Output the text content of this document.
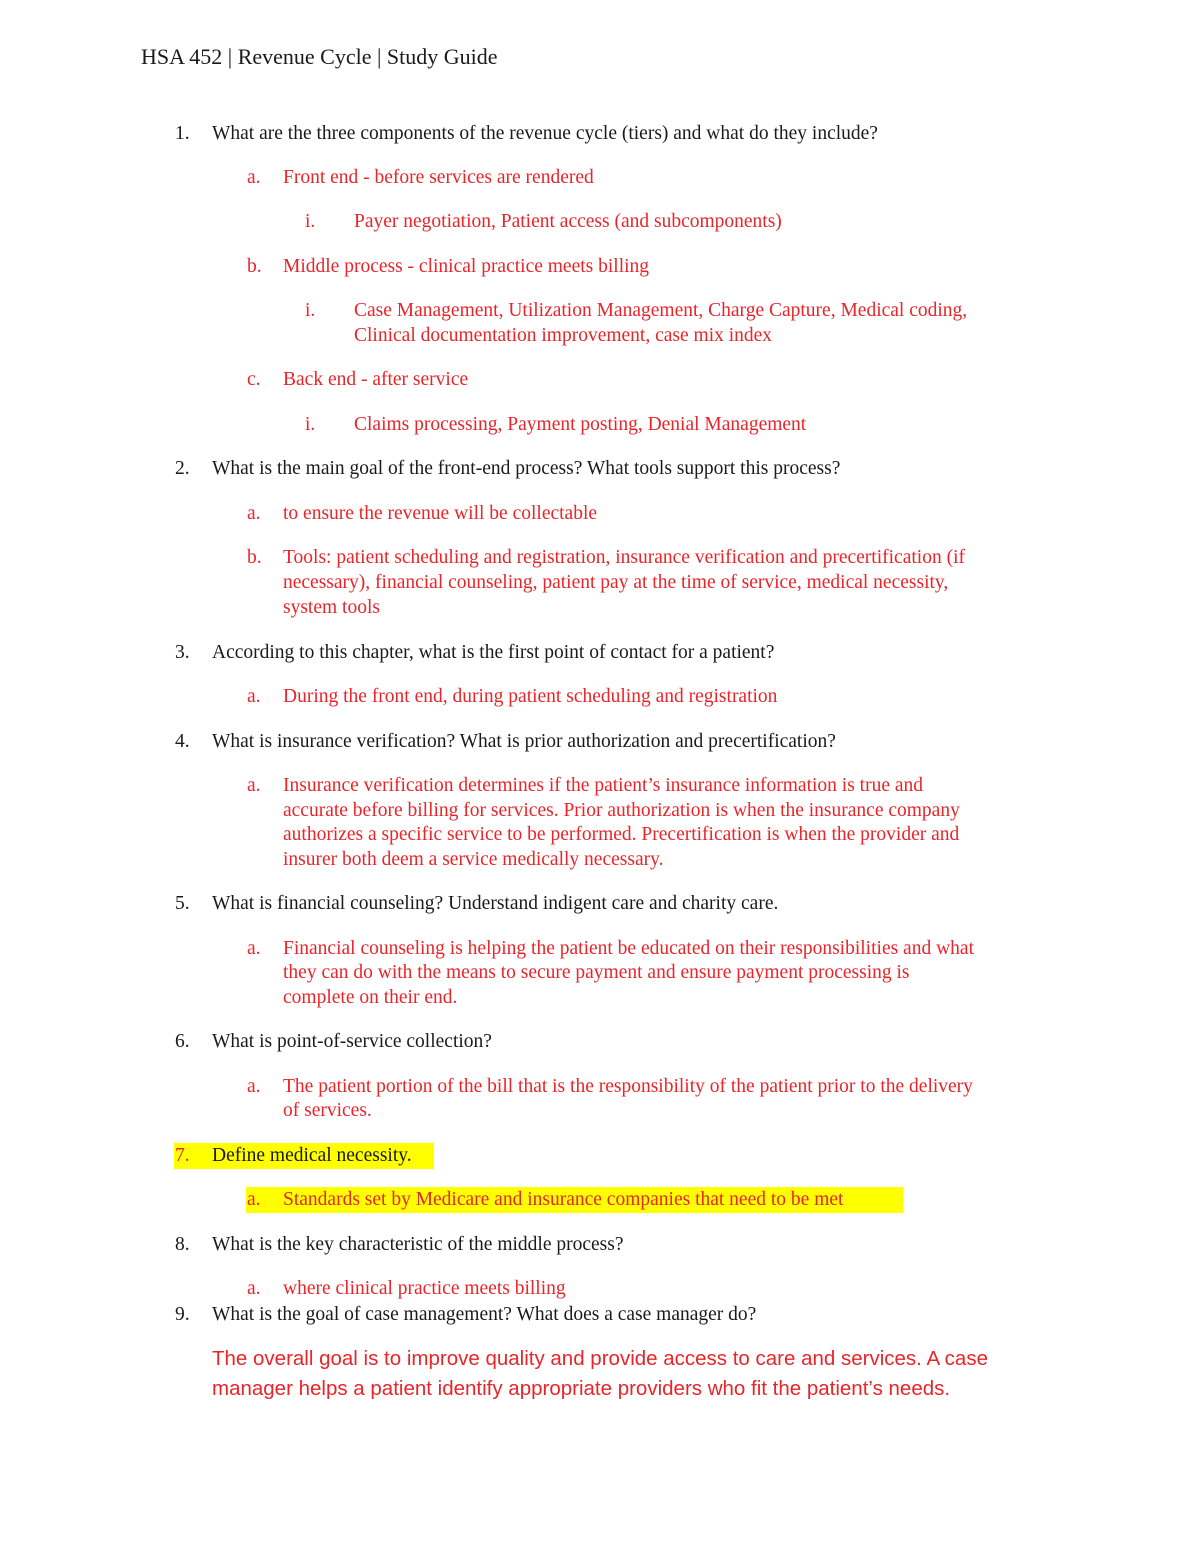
HSA 452 | Revenue Cycle | Study Guide
1. What are the three components of the revenue cycle (tiers) and what do they include?
a. Front end - before services are rendered
i. Payer negotiation, Patient access (and subcomponents)
b. Middle process - clinical practice meets billing
i. Case Management, Utilization Management, Charge Capture, Medical coding,
Clinical documentation improvement, case mix index
c. Back end - after service
i. Claims processing, Payment posting, Denial Management
2. What is the main goal of the front-end process? What tools support this process?
a. to ensure the revenue will be collectable
b. Tools: patient scheduling and registration, insurance verification and precertification (if
necessary), financial counseling, patient pay at the time of service, medical necessity,
system tools
3. According to this chapter, what is the first point of contact for a patient?
a. During the front end, during patient scheduling and registration
4. What is insurance verification? What is prior authorization and precertification?
a. Insurance verification determines if the patient’s insurance information is true and
accurate before billing for services. Prior authorization is when the insurance company
authorizes a specific service to be performed. Precertification is when the provider and
insurer both deem a service medically necessary.
5. What is financial counseling? Understand indigent care and charity care.
a. Financial counseling is helping the patient be educated on their responsibilities and what
they can do with the means to secure payment and ensure payment processing is
complete on their end.
6. What is point-of-service collection?
a. The patient portion of the bill that is the responsibility of the patient prior to the delivery
of services.
7. Define medical necessity.
a. Standards set by Medicare and insurance companies that need to be met
8. What is the key characteristic of the middle process?
a. where clinical practice meets billing
9. What is the goal of case management? What does a case manager do?
The overall goal is to improve quality and provide access to care and services. A case
manager helps a patient identify appropriate providers who fit the patient’s needs.
